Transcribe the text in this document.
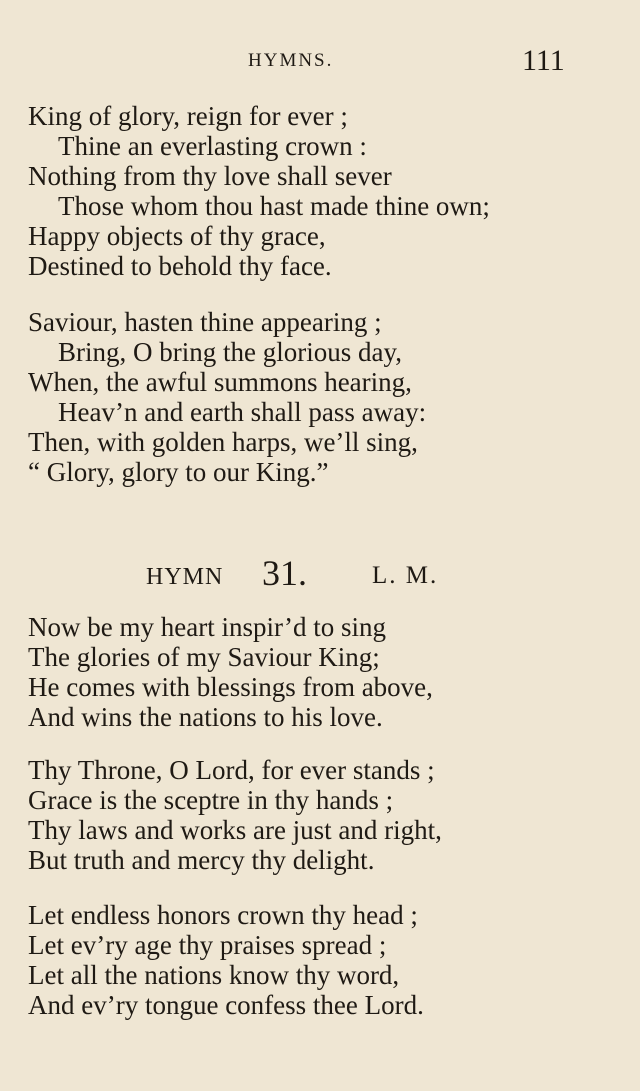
HYMNS.	111
King of glory, reign for ever ;
Thine an everlasting crown :
Nothing from thy love shall sever
Those whom thou hast made thine own;
Happy objects of thy grace,
Destined to behold thy face.
Saviour, hasten thine appearing ;
Bring, O bring the glorious day,
When, the awful summons hearing,
Heav’n and earth shall pass away:
Then, with golden harps, we’ll sing,
“ Glory, glory to our King.”
HYMN 31.	L. M.
Now be my heart inspir’d to sing
The glories of my Saviour King;
He comes with blessings from above,
And wins the nations to his love.
Thy Throne, O Lord, for ever stands ;
Grace is the sceptre in thy hands ;
Thy laws and works are just and right,
But truth and mercy thy delight.
Let endless honors crown thy head ;
Let ev’ry age thy praises spread ;
Let all the nations know thy word,
And ev’ry tongue confess thee Lord.
